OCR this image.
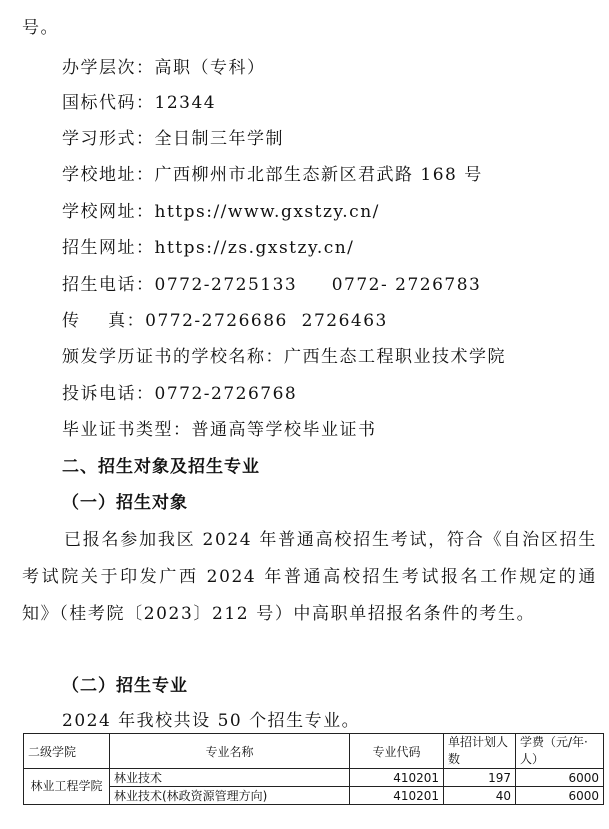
号。
办学层次：高职（专科）
国标代码：12344
学习形式：全日制三年学制
学校地址：广西柳州市北部生态新区君武路 168 号
学校网址：https://www.gxstzy.cn/
招生网址：https://zs.gxstzy.cn/
招生电话：0772-2725133     0772- 2726783
传    真：0772-2726686  2726463
颁发学历证书的学校名称：广西生态工程职业技术学院
投诉电话：0772-2726768
毕业证书类型：普通高等学校毕业证书
二、招生对象及招生专业
（一）招生对象
已报名参加我区 2024 年普通高校招生考试，符合《自治区招生考试院关于印发广西 2024 年普通高校招生考试报名工作规定的通知》（桂考院〔2023〕212 号）中高职单招报名条件的考生。
（二）招生专业
2024 年我校共设 50 个招生专业。
二级学院	专业名称	专业代码	单招计划人数	学费（元/年·人）
林业工程学院	林业技术	410201	197	6000
	林业技术(林政资源管理方向)	410201	40	6000
